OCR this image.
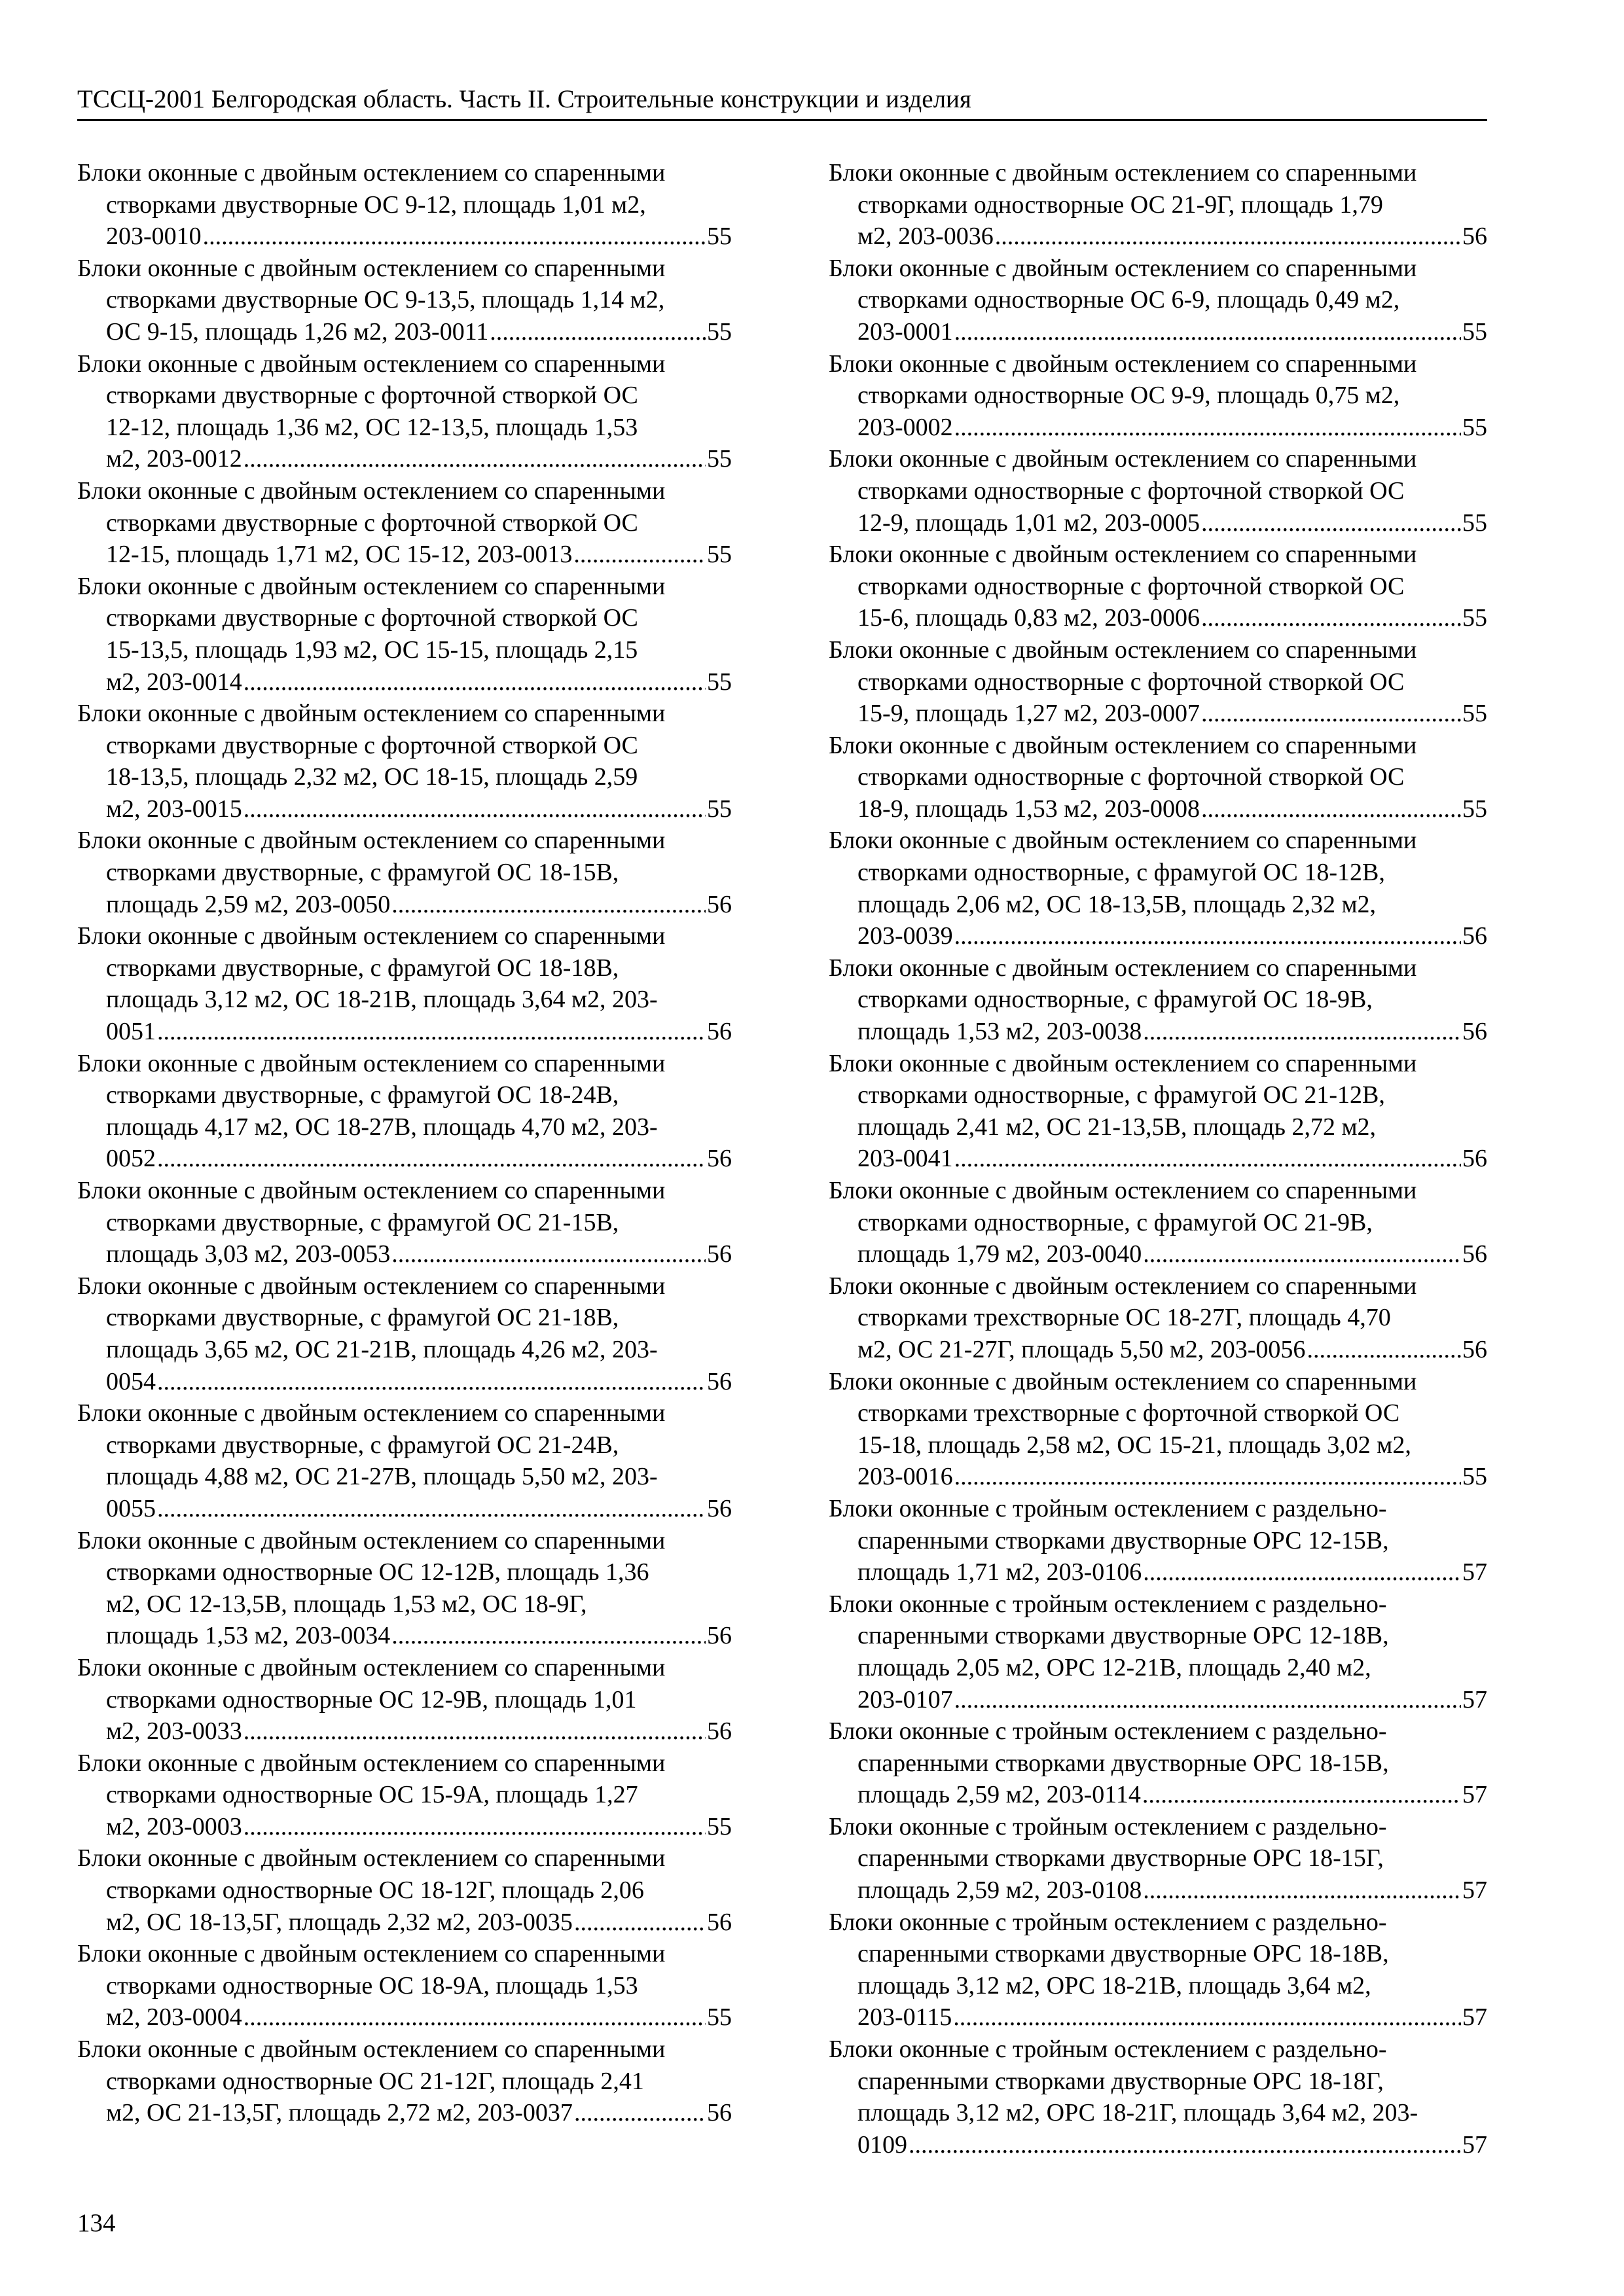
ТССЦ-2001 Белгородская область. Часть II. Строительные конструкции и изделия
Блоки оконные с двойным остеклением со спаренными
створками двустворные ОС 9-12, площадь 1,01 м2,
203-0010 .....	55
Блоки оконные с двойным остеклением со спаренными
створками двустворные ОС 9-13,5, площадь 1,14 м2,
ОС 9-15, площадь 1,26 м2, 203-0011 .....	55
Блоки оконные с двойным остеклением со спаренными
створками двустворные с форточной створкой ОС
12-12, площадь 1,36 м2, ОС 12-13,5, площадь 1,53
м2, 203-0012 .....	55
Блоки оконные с двойным остеклением со спаренными
створками двустворные с форточной створкой ОС
12-15, площадь 1,71 м2, ОС 15-12, 203-0013 .....	55
Блоки оконные с двойным остеклением со спаренными
створками двустворные с форточной створкой ОС
15-13,5, площадь 1,93 м2, ОС 15-15, площадь 2,15
м2, 203-0014 .....	55
Блоки оконные с двойным остеклением со спаренными
створками двустворные с форточной створкой ОС
18-13,5, площадь 2,32 м2, ОС 18-15, площадь 2,59
м2, 203-0015 .....	55
Блоки оконные с двойным остеклением со спаренными
створками двустворные, с фрамугой ОС 18-15В,
площадь 2,59 м2, 203-0050 .....	56
Блоки оконные с двойным остеклением со спаренными
створками двустворные, с фрамугой ОС 18-18В,
площадь 3,12 м2, ОС 18-21В, площадь 3,64 м2, 203-
0051 .....	56
Блоки оконные с двойным остеклением со спаренными
створками двустворные, с фрамугой ОС 18-24В,
площадь 4,17 м2, ОС 18-27В, площадь 4,70 м2, 203-
0052 .....	56
Блоки оконные с двойным остеклением со спаренными
створками двустворные, с фрамугой ОС 21-15В,
площадь 3,03 м2, 203-0053 .....	56
Блоки оконные с двойным остеклением со спаренными
створками двустворные, с фрамугой ОС 21-18В,
площадь 3,65 м2, ОС 21-21В, площадь 4,26 м2, 203-
0054 .....	56
Блоки оконные с двойным остеклением со спаренными
створками двустворные, с фрамугой ОС 21-24В,
площадь 4,88 м2, ОС 21-27В, площадь 5,50 м2, 203-
0055 .....	56
Блоки оконные с двойным остеклением со спаренными
створками одностворные ОС 12-12В, площадь 1,36
м2, ОС 12-13,5В, площадь 1,53 м2, ОС 18-9Г,
площадь 1,53 м2, 203-0034 .....	56
Блоки оконные с двойным остеклением со спаренными
створками одностворные ОС 12-9В, площадь 1,01
м2, 203-0033 .....	56
Блоки оконные с двойным остеклением со спаренными
створками одностворные ОС 15-9А, площадь 1,27
м2, 203-0003 .....	55
Блоки оконные с двойным остеклением со спаренными
створками одностворные ОС 18-12Г, площадь 2,06
м2, ОС 18-13,5Г, площадь 2,32 м2, 203-0035 .....	56
Блоки оконные с двойным остеклением со спаренными
створками одностворные ОС 18-9А, площадь 1,53
м2, 203-0004 .....	55
Блоки оконные с двойным остеклением со спаренными
створками одностворные ОС 21-12Г, площадь 2,41
м2, ОС 21-13,5Г, площадь 2,72 м2, 203-0037 .....	56
Блоки оконные с двойным остеклением со спаренными
створками одностворные ОС 21-9Г, площадь 1,79
м2, 203-0036 .....	56
Блоки оконные с двойным остеклением со спаренными
створками одностворные ОС 6-9, площадь 0,49 м2,
203-0001 .....	55
Блоки оконные с двойным остеклением со спаренными
створками одностворные ОС 9-9, площадь 0,75 м2,
203-0002 .....	55
Блоки оконные с двойным остеклением со спаренными
створками одностворные с форточной створкой ОС
12-9, площадь 1,01 м2, 203-0005 .....	55
Блоки оконные с двойным остеклением со спаренными
створками одностворные с форточной створкой ОС
15-6, площадь 0,83 м2, 203-0006 .....	55
Блоки оконные с двойным остеклением со спаренными
створками одностворные с форточной створкой ОС
15-9, площадь 1,27 м2, 203-0007 .....	55
Блоки оконные с двойным остеклением со спаренными
створками одностворные с форточной створкой ОС
18-9, площадь 1,53 м2, 203-0008 .....	55
Блоки оконные с двойным остеклением со спаренными
створками одностворные, с фрамугой ОС 18-12В,
площадь 2,06 м2, ОС 18-13,5В, площадь 2,32 м2,
203-0039 .....	56
Блоки оконные с двойным остеклением со спаренными
створками одностворные, с фрамугой ОС 18-9В,
площадь 1,53 м2, 203-0038 .....	56
Блоки оконные с двойным остеклением со спаренными
створками одностворные, с фрамугой ОС 21-12В,
площадь 2,41 м2, ОС 21-13,5В, площадь 2,72 м2,
203-0041 .....	56
Блоки оконные с двойным остеклением со спаренными
створками одностворные, с фрамугой ОС 21-9В,
площадь 1,79 м2, 203-0040 .....	56
Блоки оконные с двойным остеклением со спаренными
створками трехстворные ОС 18-27Г, площадь 4,70
м2, ОС 21-27Г, площадь 5,50 м2, 203-0056 .....	56
Блоки оконные с двойным остеклением со спаренными
створками трехстворные с форточной створкой ОС
15-18, площадь 2,58 м2, ОС 15-21, площадь 3,02 м2,
203-0016 .....	55
Блоки оконные с тройным остеклением с раздельно-
спаренными створками двустворные ОРС 12-15В,
площадь 1,71 м2, 203-0106 .....	57
Блоки оконные с тройным остеклением с раздельно-
спаренными створками двустворные ОРС 12-18В,
площадь 2,05 м2, ОРС 12-21В, площадь 2,40 м2,
203-0107 .....	57
Блоки оконные с тройным остеклением с раздельно-
спаренными створками двустворные ОРС 18-15В,
площадь 2,59 м2, 203-0114 .....	57
Блоки оконные с тройным остеклением с раздельно-
спаренными створками двустворные ОРС 18-15Г,
площадь 2,59 м2, 203-0108 .....	57
Блоки оконные с тройным остеклением с раздельно-
спаренными створками двустворные ОРС 18-18В,
площадь 3,12 м2, ОРС 18-21В, площадь 3,64 м2,
203-0115 .....	57
Блоки оконные с тройным остеклением с раздельно-
спаренными створками двустворные ОРС 18-18Г,
площадь 3,12 м2, ОРС 18-21Г, площадь 3,64 м2, 203-
0109 .....	57
134
